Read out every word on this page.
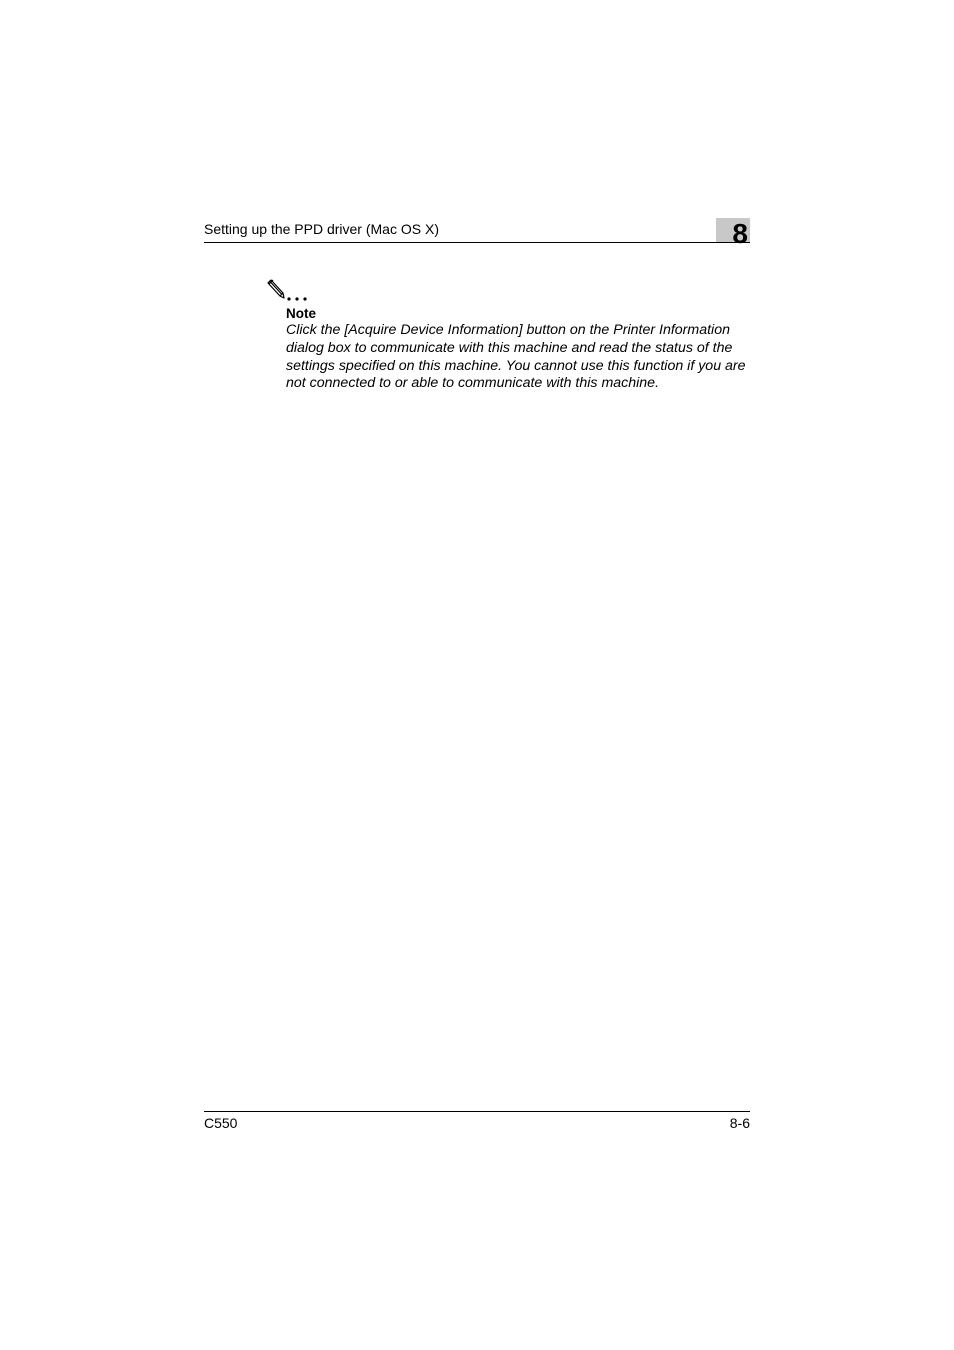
Setting up the PPD driver (Mac OS X)	8
Note
Click the [Acquire Device Information] button on the Printer Information dialog box to communicate with this machine and read the status of the settings specified on this machine. You cannot use this function if you are not connected to or able to communicate with this machine.
C550	8-6
